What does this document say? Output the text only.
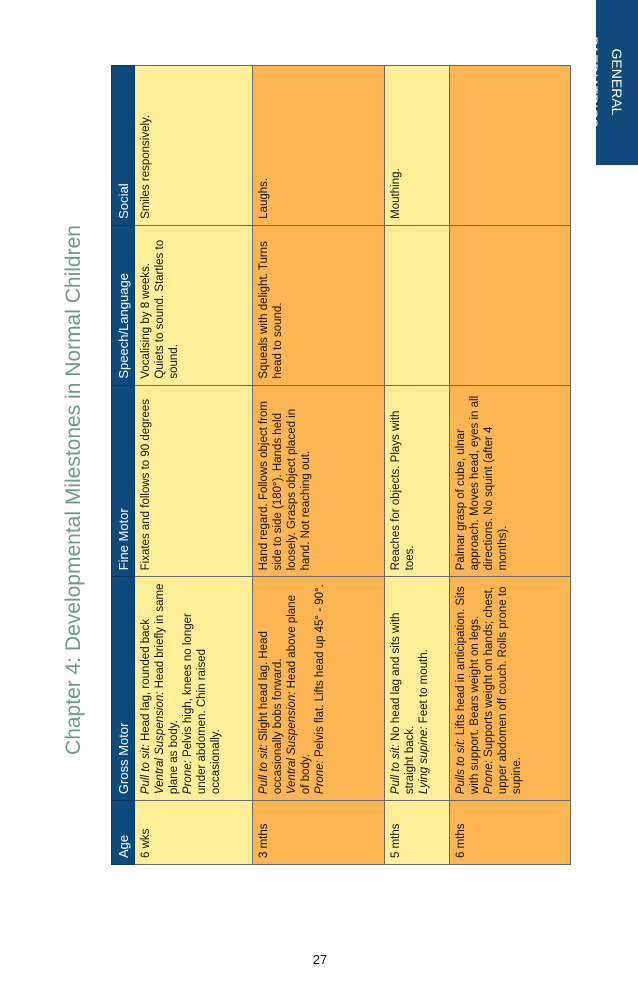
Chapter 4: Developmental Milestones in Normal Children
GENERAL PAEDIATRICS
Age	Gross Motor	Fine Motor	Speech/Language	Social
6 wks	Pull to sit: Head lag, rounded back Ventral Suspension: Head briefly in same plane as body. Prone: Pelvis high, knees no longer under abdomen. Chin raised occasionally.	Fixates and follows to 90 degrees	Vocalising by 8 weeks. Quiets to sound. Startles to sound.	Smiles responsively.
3 mths	Pull to sit: Slight head lag. Head occasionally bobs forward. Ventral Suspension: Head above plane of body. Prone: Pelvis flat. Lifts head up 45° - 90°.	Hand regard. Follows object from side to side (180°). Hands held loosely. Grasps object placed in hand. Not reaching out.	Squeals with delight. Turns head to sound.	Laughs.
5 mths	Pull to sit: No head lag and sits with straight back. Lying supine: Feet to mouth.	Reaches for objects. Plays with toes.		Mouthing.
6 mths	Pulls to sit: Lifts head in anticipation. Sits with support. Bears weight on legs. Prone: Supports weight on hands; chest, upper abdomen off couch. Rolls prone to supine.	Palmar grasp of cube, ulnar approach. Moves head, eyes in all directions. No squint (after 4 months).		
27
